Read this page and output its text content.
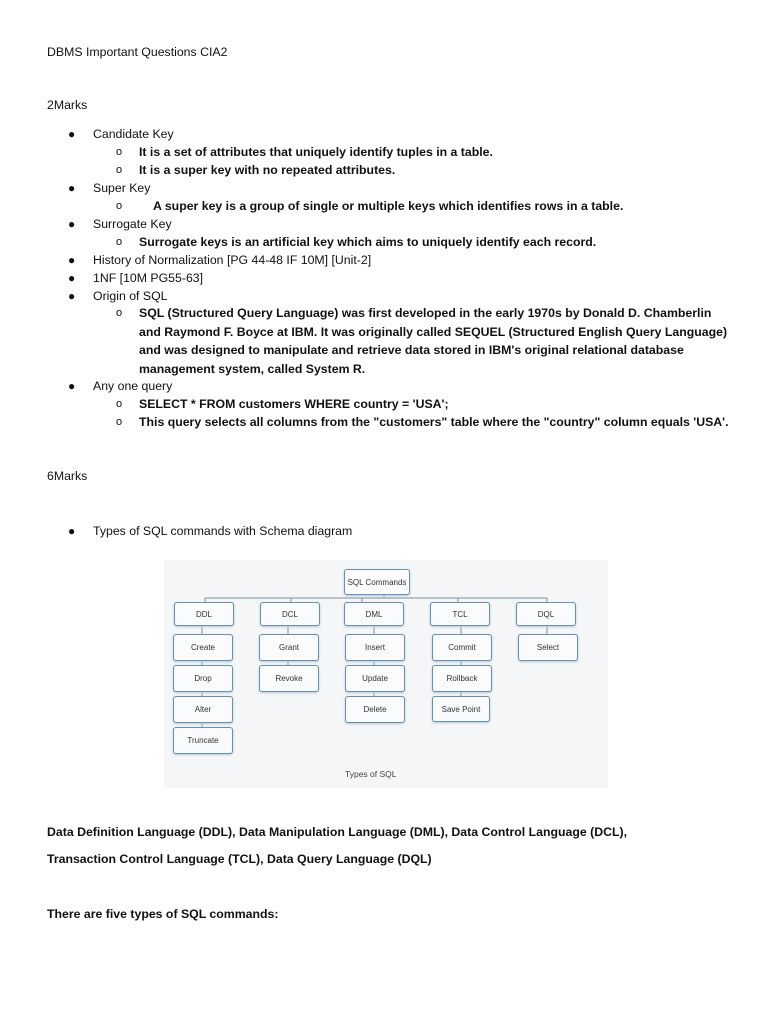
DBMS Important Questions CIA2
2Marks
● Candidate Key
o It is a set of attributes that uniquely identify tuples in a table.
o It is a super key with no repeated attributes.
● Super Key
o	A super key is a group of single or multiple keys which identifies rows in a table.
● Surrogate Key
o Surrogate keys is an artificial key which aims to uniquely identify each record.
● History of Normalization [PG 44-48 IF 10M] [Unit-2]
● 1NF [10M PG55-63]
● Origin of SQL
o SQL (Structured Query Language) was first developed in the early 1970s by Donald D. Chamberlin and Raymond F. Boyce at IBM. It was originally called SEQUEL (Structured English Query Language) and was designed to manipulate and retrieve data stored in IBM's original relational database management system, called System R.
● Any one query
o SELECT * FROM customers WHERE country = 'USA';
o This query selects all columns from the "customers" table where the "country" column equals 'USA'.
6Marks
● Types of SQL commands with Schema diagram
SQL Commands
DDL	DCL	DML	TCL	DQL
Create
Drop
Alter
Truncate
Grant
Revoke
Insert
Update
Delete
Commit
Rollback
Save Point
Select
Types of SQL
Data Definition Language (DDL), Data Manipulation Language (DML), Data Control Language (DCL),
Transaction Control Language (TCL), Data Query Language (DQL)
There are five types of SQL commands:
